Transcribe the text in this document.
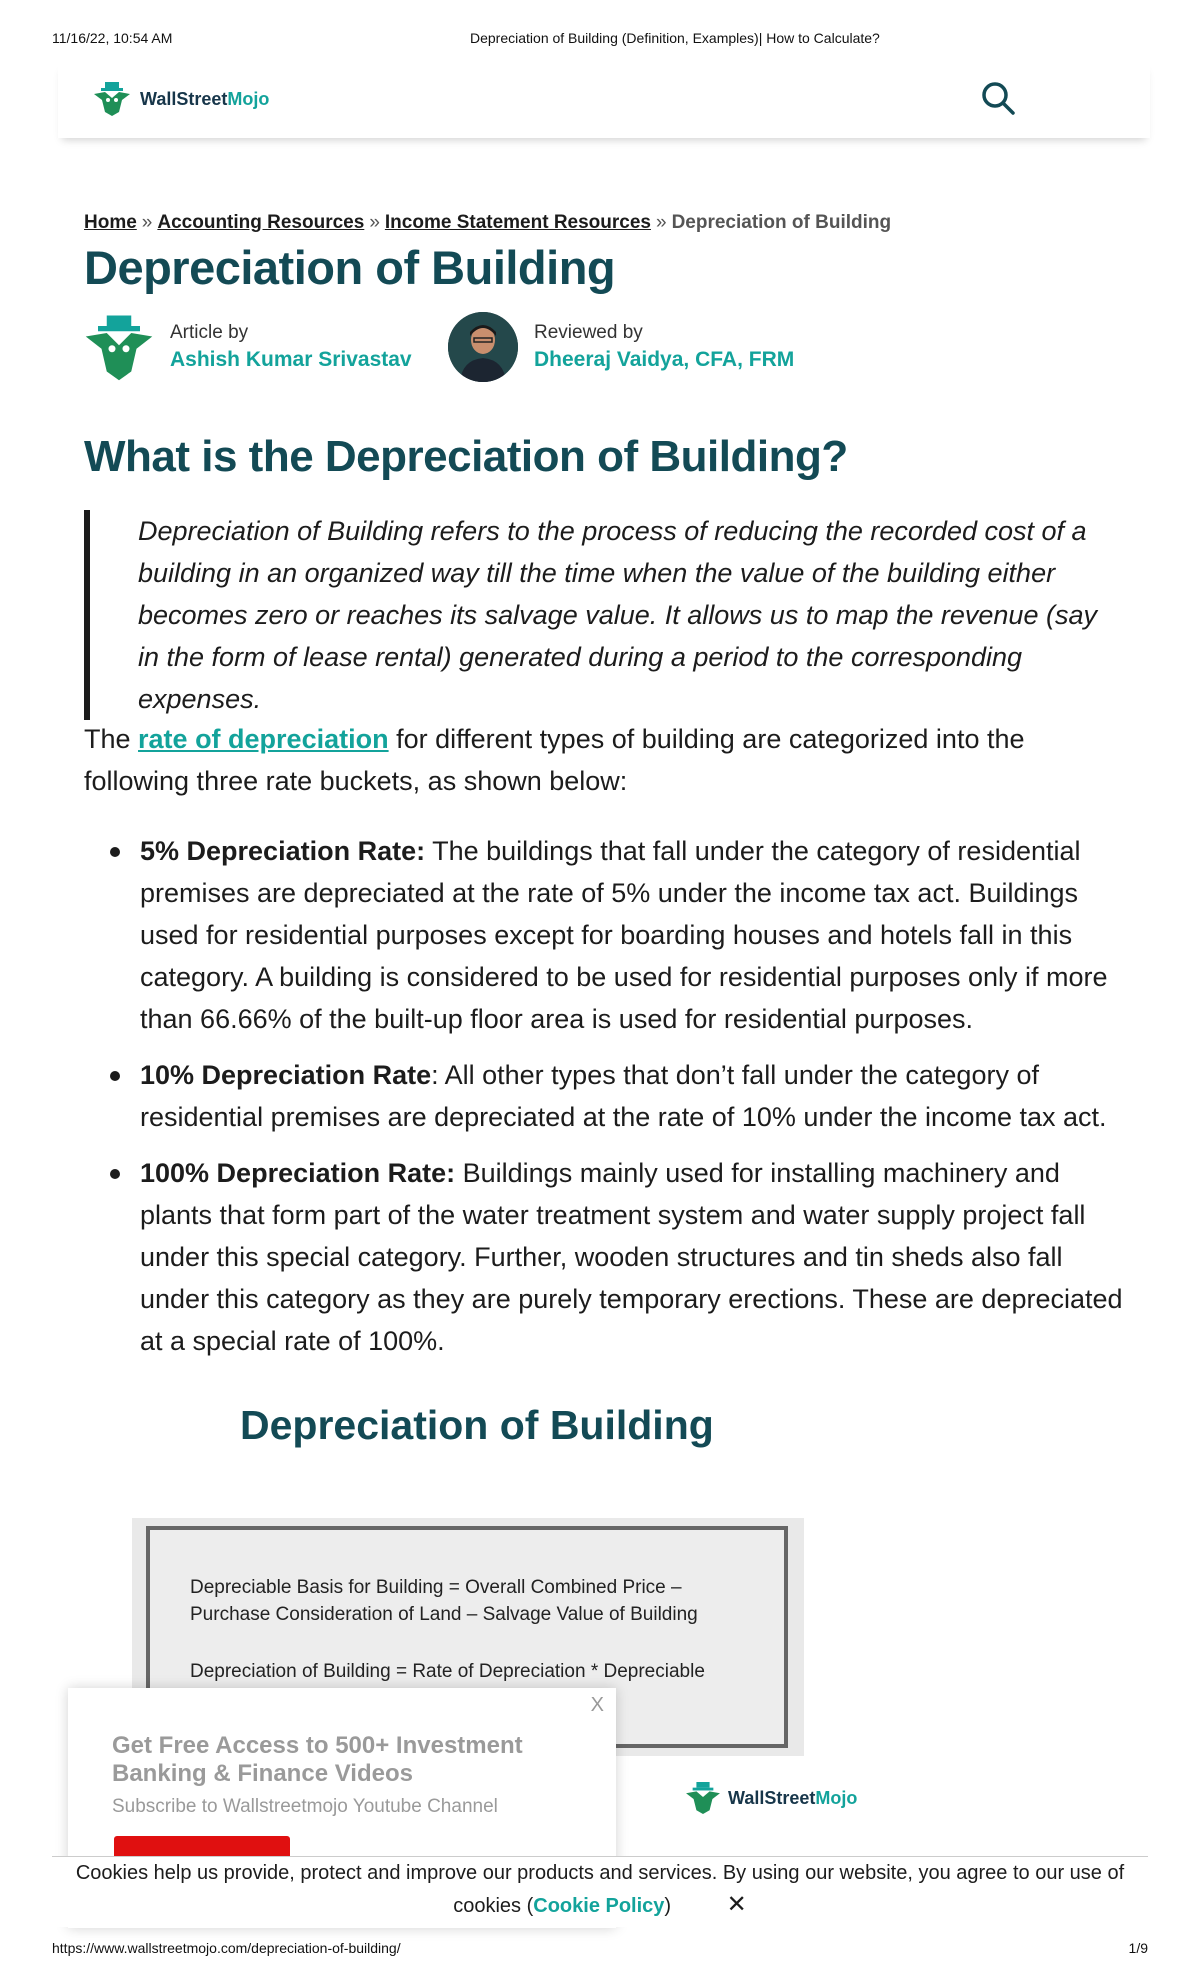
11/16/22, 10:54 AM	Depreciation of Building (Definition, Examples)| How to Calculate?
WallStreetMojo
Home » Accounting Resources » Income Statement Resources » Depreciation of Building
Depreciation of Building
Article by
Ashish Kumar Srivastav
Reviewed by
Dheeraj Vaidya, CFA, FRM
What is the Depreciation of Building?
Depreciation of Building refers to the process of reducing the recorded cost of a building in an organized way till the time when the value of the building either becomes zero or reaches its salvage value. It allows us to map the revenue (say in the form of lease rental) generated during a period to the corresponding expenses.
The rate of depreciation for different types of building are categorized into the following three rate buckets, as shown below:
5% Depreciation Rate: The buildings that fall under the category of residential premises are depreciated at the rate of 5% under the income tax act. Buildings used for residential purposes except for boarding houses and hotels fall in this category. A building is considered to be used for residential purposes only if more than 66.66% of the built-up floor area is used for residential purposes.
10% Depreciation Rate: All other types that don’t fall under the category of residential premises are depreciated at the rate of 10% under the income tax act.
100% Depreciation Rate: Buildings mainly used for installing machinery and plants that form part of the water treatment system and water supply project fall under this special category. Further, wooden structures and tin sheds also fall under this category as they are purely temporary erections. These are depreciated at a special rate of 100%.
Depreciation of Building

Depreciable Basis for Building = Overall Combined Price – Purchase Consideration of Land – Salvage Value of Building

Depreciation of Building = Rate of Depreciation * Depreciable

WallStreetMojo
X
Get Free Access to 500+ Investment Banking & Finance Videos
Subscribe to Wallstreetmojo Youtube Channel
Cookies help us provide, protect and improve our products and services. By using our website, you agree to our use of cookies (Cookie Policy) ✕
https://www.wallstreetmojo.com/depreciation-of-building/	1/9
